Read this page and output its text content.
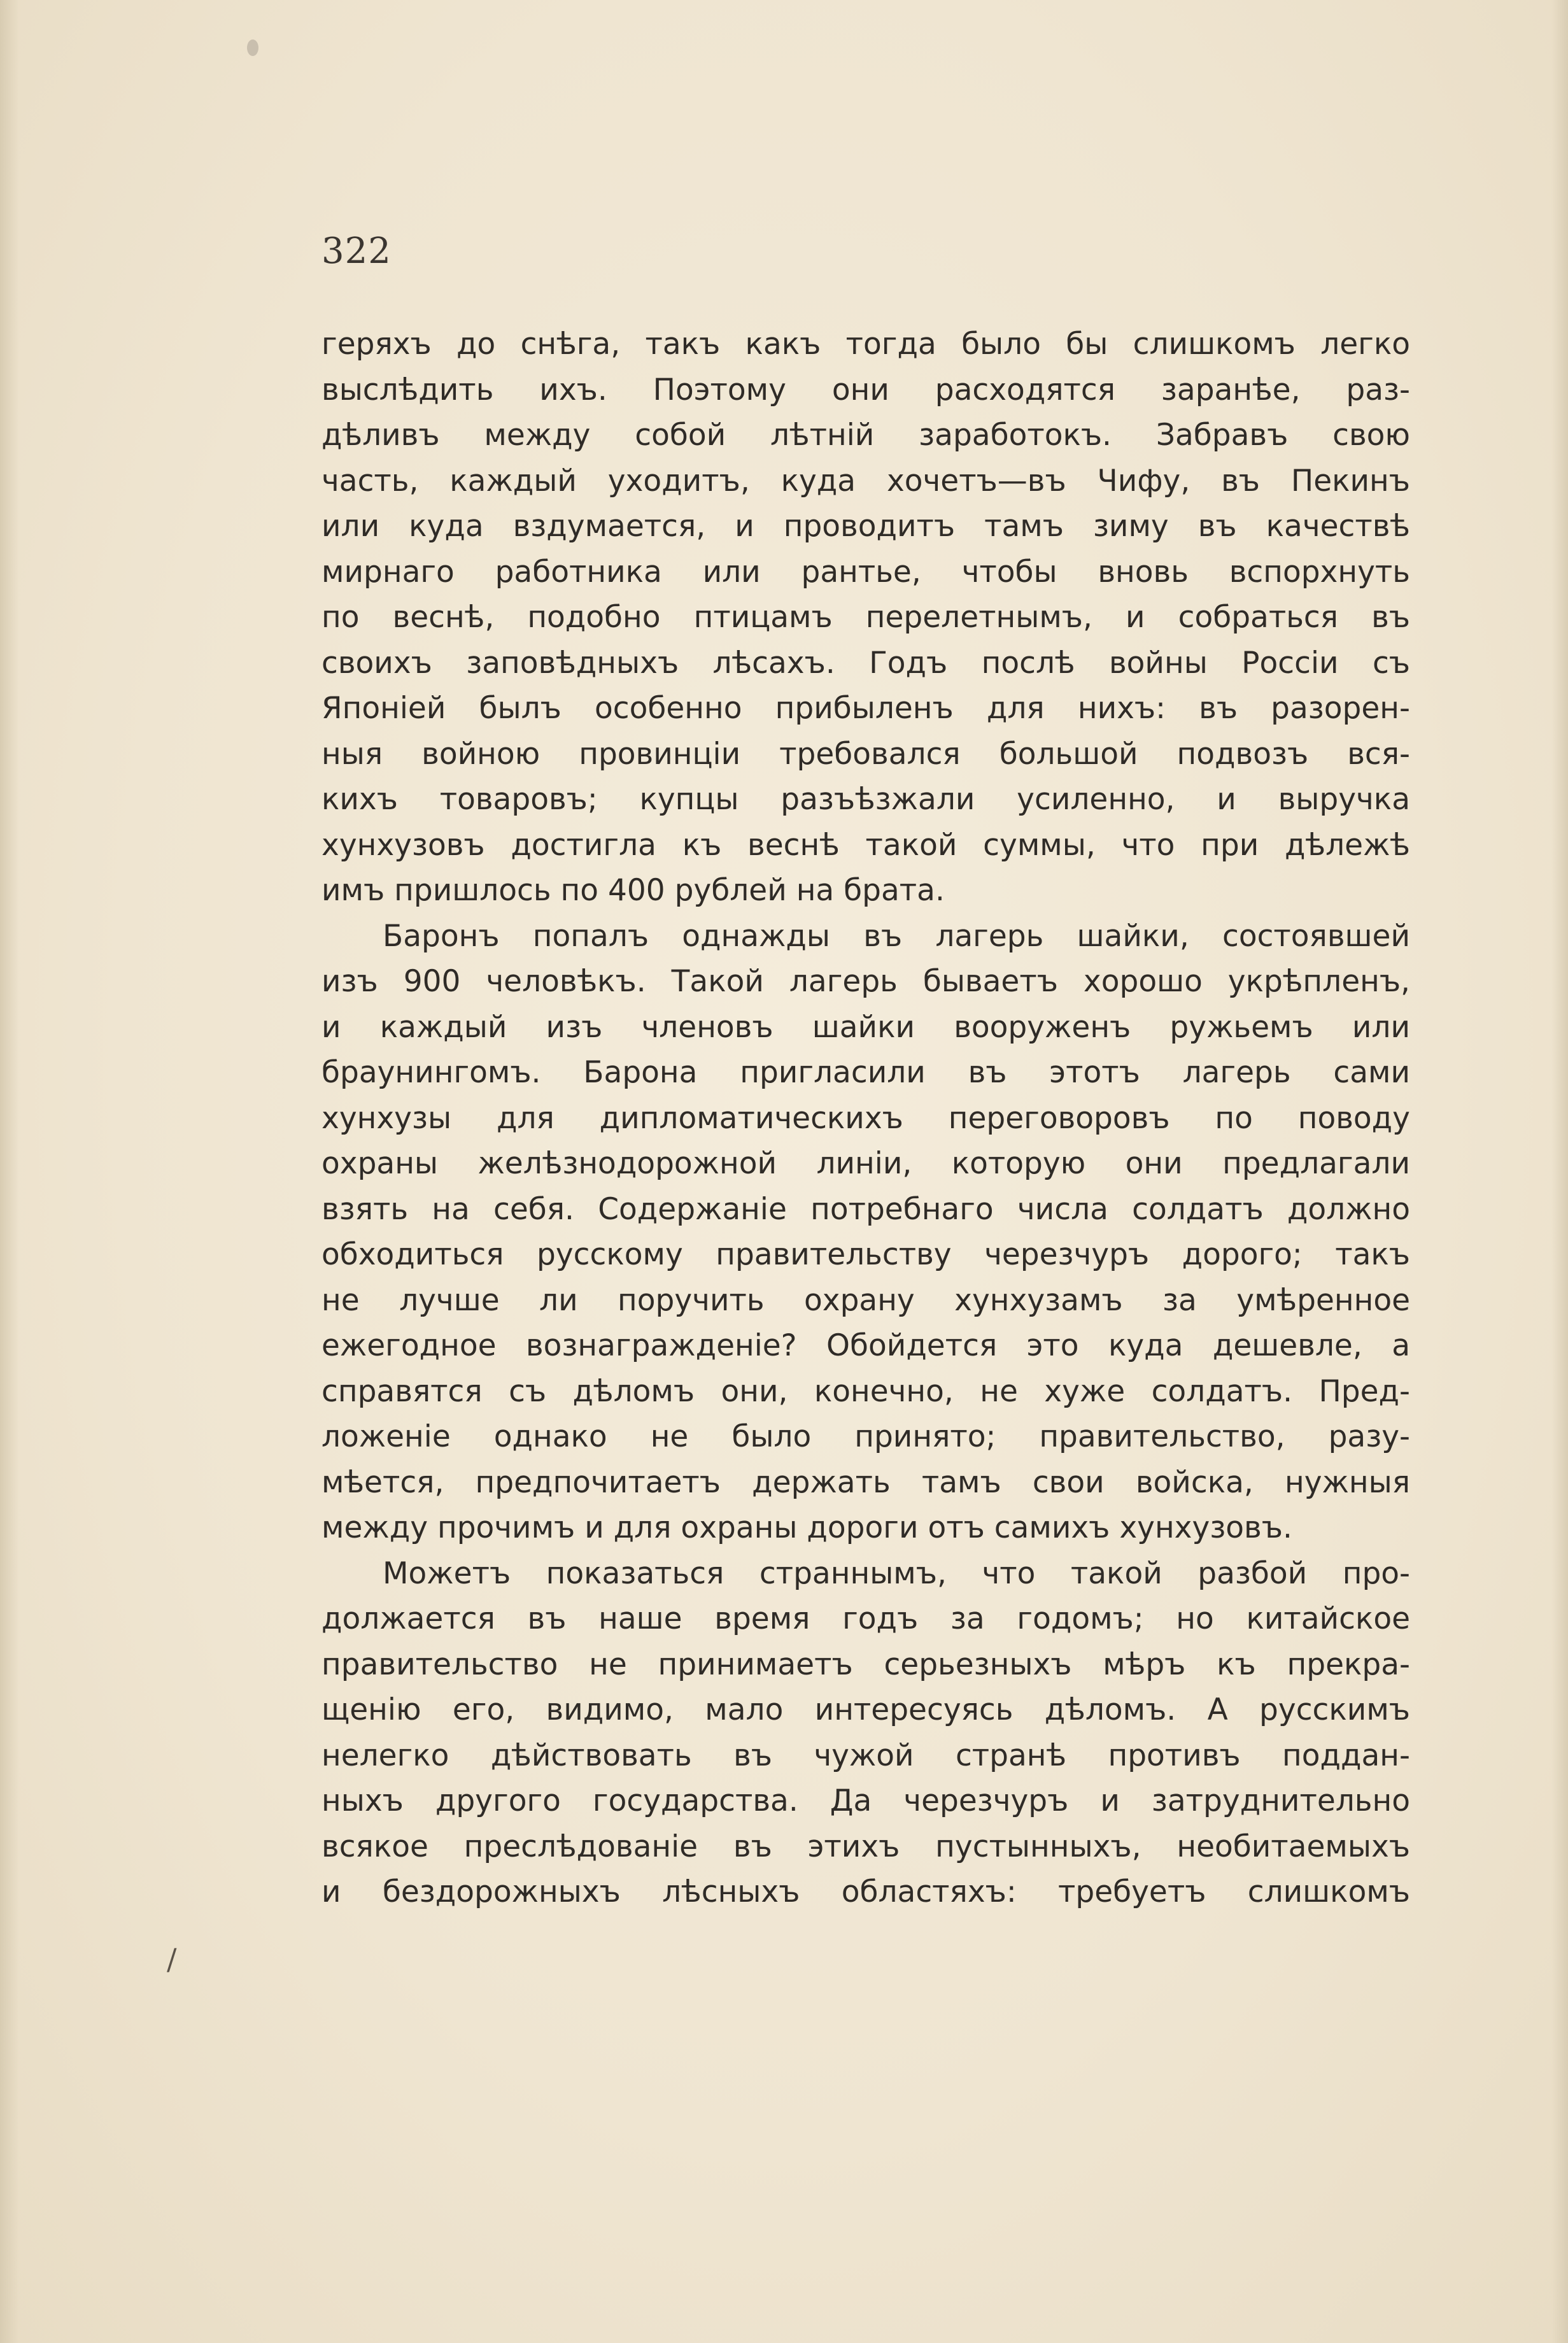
322
геряхъ до снѣга, такъ какъ тогда было бы слишкомъ легко
выслѣдить ихъ. Поэтому они расходятся заранѣе, раз-
дѣливъ между собой лѣтній заработокъ. Забравъ свою
часть, каждый уходитъ, куда хочетъ—въ Чифу, въ Пекинъ
или куда вздумается, и проводитъ тамъ зиму въ качествѣ
мирнаго работника или рантье, чтобы вновь вспорхнуть
по веснѣ, подобно птицамъ перелетнымъ, и собраться въ
своихъ заповѣдныхъ лѣсахъ. Годъ послѣ войны Россіи съ
Японіей былъ особенно прибыленъ для нихъ: въ разорен-
ныя войною провинціи требовался большой подвозъ вся-
кихъ товаровъ; купцы разъѣзжали усиленно, и выручка
хунхузовъ достигла къ веснѣ такой суммы, что при дѣлежѣ
имъ пришлось по 400 рублей на брата.
Баронъ попалъ однажды въ лагерь шайки, состоявшей
изъ 900 человѣкъ. Такой лагерь бываетъ хорошо укрѣпленъ,
и каждый изъ членовъ шайки вооруженъ ружьемъ или
браунингомъ. Барона пригласили въ этотъ лагерь сами
хунхузы для дипломатическихъ переговоровъ по поводу
охраны желѣзнодорожной линіи, которую они предлагали
взять на себя. Содержаніе потребнаго числа солдатъ должно
обходиться русскому правительству черезчуръ дорого; такъ
не лучше ли поручить охрану хунхузамъ за умѣренное
ежегодное вознагражденіе? Обойдется это куда дешевле, а
справятся съ дѣломъ они, конечно, не хуже солдатъ. Пред-
ложеніе однако не было принято; правительство, разу-
мѣется, предпочитаетъ держать тамъ свои войска, нужныя
между прочимъ и для охраны дороги отъ самихъ хунхузовъ.
Можетъ показаться страннымъ, что такой разбой про-
должается въ наше время годъ за годомъ; но китайское
правительство не принимаетъ серьезныхъ мѣръ къ прекра-
щенію его, видимо, мало интересуясь дѣломъ. А русскимъ
нелегко дѣйствовать въ чужой странѣ противъ поддан-
ныхъ другого государства. Да черезчуръ и затруднительно
всякое преслѣдованіе въ этихъ пустынныхъ, необитаемыхъ
и бездорожныхъ лѣсныхъ областяхъ: требуетъ слишкомъ
/
